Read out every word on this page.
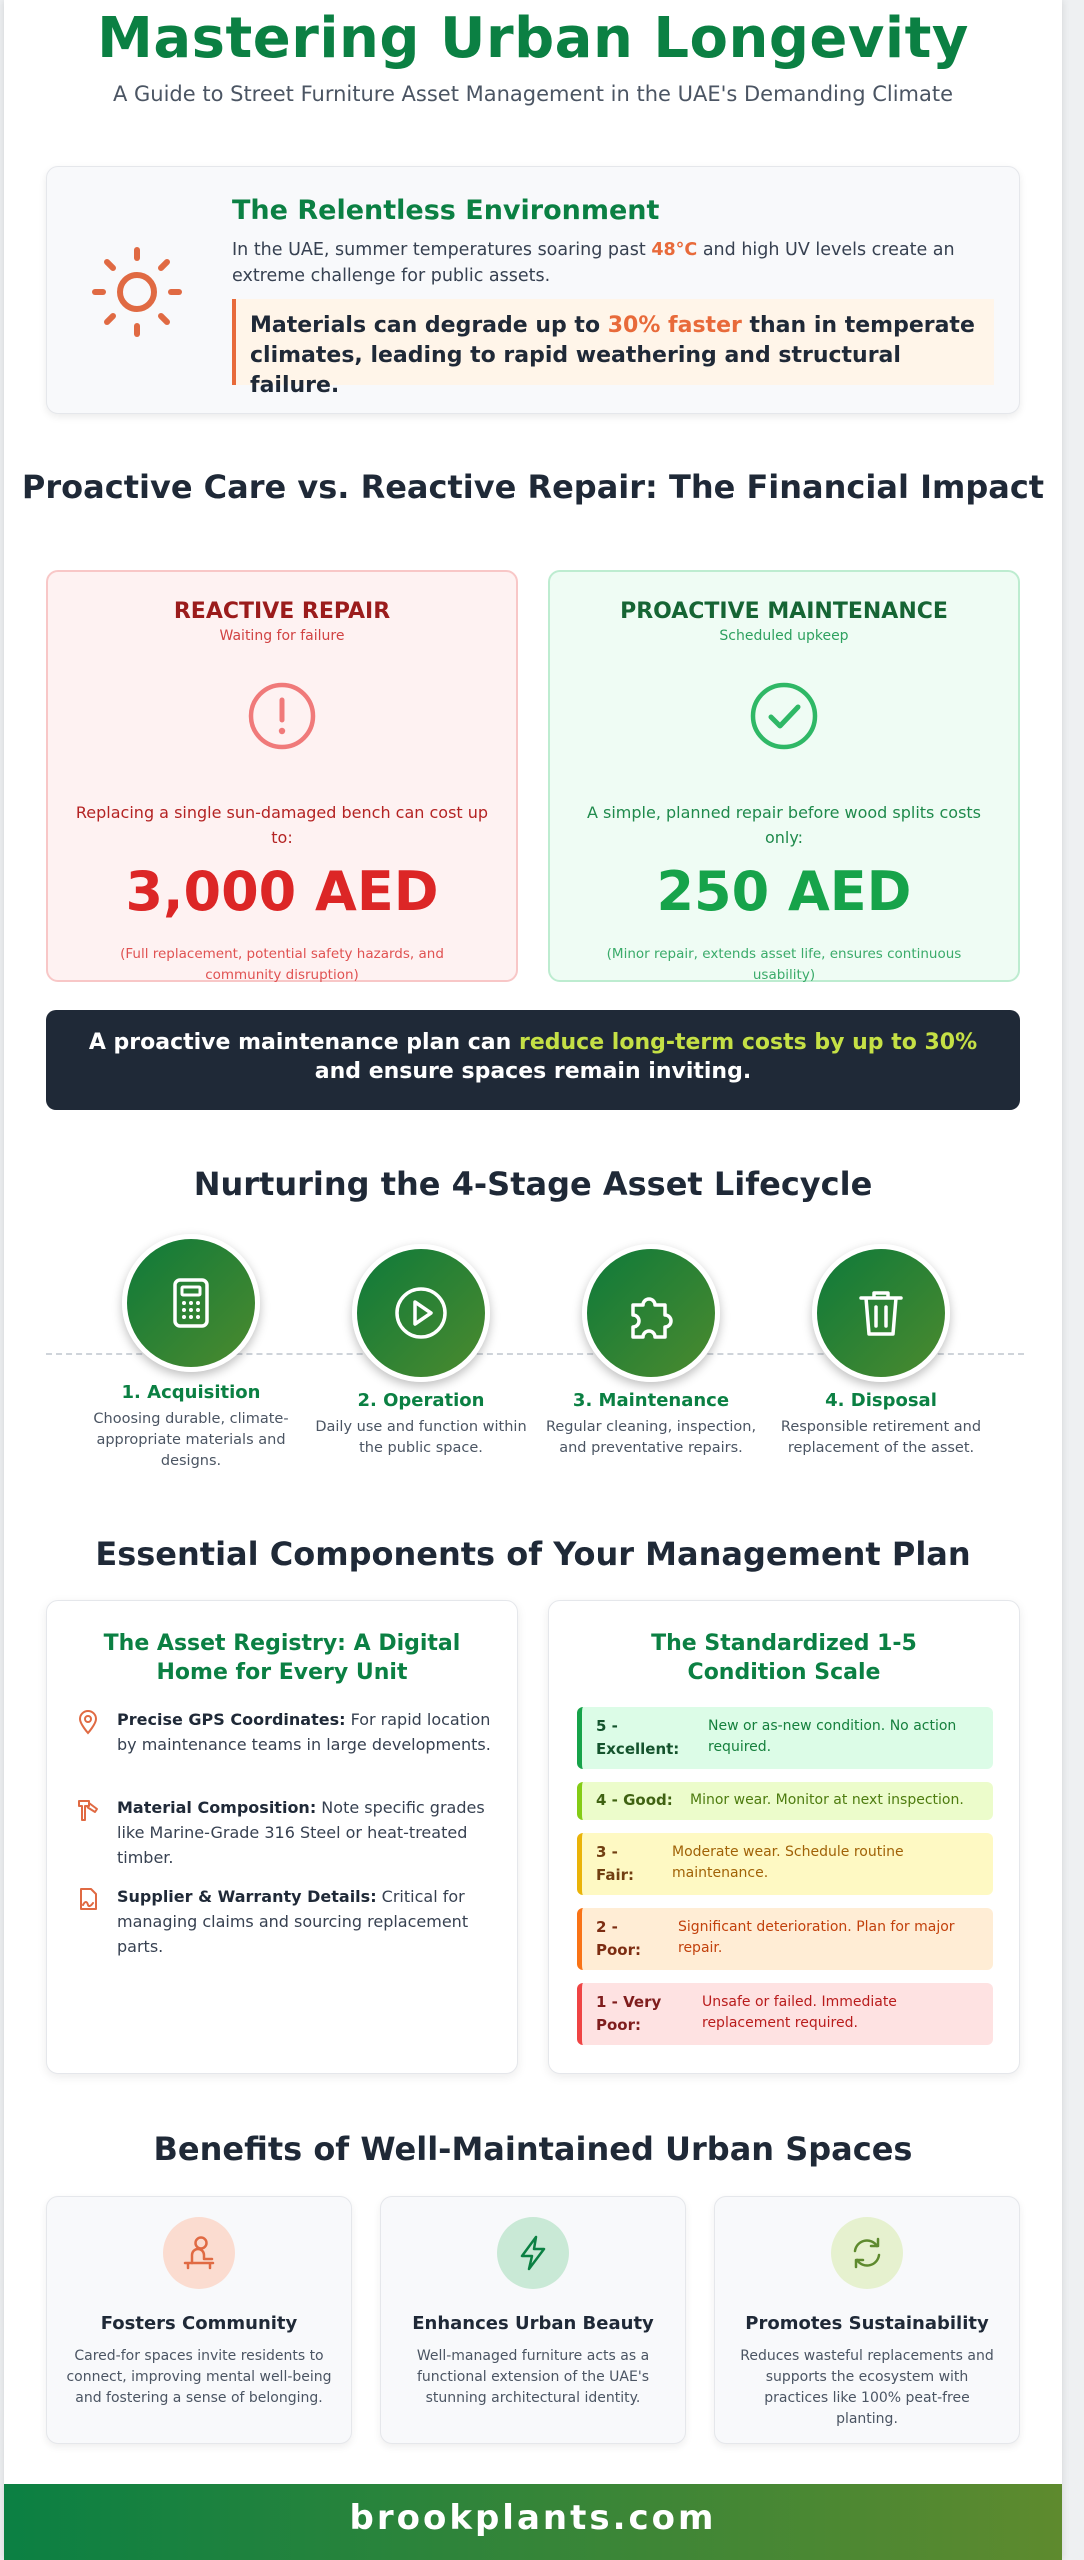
Mastering Urban Longevity
A Guide to Street Furniture Asset Management in the UAE's Demanding Climate
The Relentless Environment
In the UAE, summer temperatures soaring past 48°C and high UV levels create an extreme challenge for public assets.
Materials can degrade up to 30% faster than in temperate climates, leading to rapid weathering and structural failure.
Proactive Care vs. Reactive Repair: The Financial Impact
REACTIVE REPAIR
Waiting for failure
Replacing a single sun-damaged bench can cost up to:
3,000 AED
(Full replacement, potential safety hazards, and community disruption)
PROACTIVE MAINTENANCE
Scheduled upkeep
A simple, planned repair before wood splits costs only:
250 AED
(Minor repair, extends asset life, ensures continuous usability)
A proactive maintenance plan can reduce long-term costs by up to 30% and ensure spaces remain inviting.
Nurturing the 4-Stage Asset Lifecycle
1. Acquisition
Choosing durable, climate-appropriate materials and designs.
2. Operation
Daily use and function within the public space.
3. Maintenance
Regular cleaning, inspection, and preventative repairs.
4. Disposal
Responsible retirement and replacement of the asset.
Essential Components of Your Management Plan
The Asset Registry: A Digital Home for Every Unit
Precise GPS Coordinates: For rapid location by maintenance teams in large developments.
Material Composition: Note specific grades like Marine-Grade 316 Steel or heat-treated timber.
Supplier & Warranty Details: Critical for managing claims and sourcing replacement parts.
The Standardized 1-5 Condition Scale
5 - Excellent:
New or as-new condition. No action required.
4 - Good: Minor wear. Monitor at next inspection.
3 - Fair:
Moderate wear. Schedule routine maintenance.
2 - Poor:
Significant deterioration. Plan for major repair.
1 - Very Poor:
Unsafe or failed. Immediate replacement required.
Benefits of Well-Maintained Urban Spaces
Fosters Community
Cared-for spaces invite residents to connect, improving mental well-being and fostering a sense of belonging.
Enhances Urban Beauty
Well-managed furniture acts as a functional extension of the UAE's stunning architectural identity.
Promotes Sustainability
Reduces wasteful replacements and supports the ecosystem with practices like 100% peat-free planting.
brookplants.com
